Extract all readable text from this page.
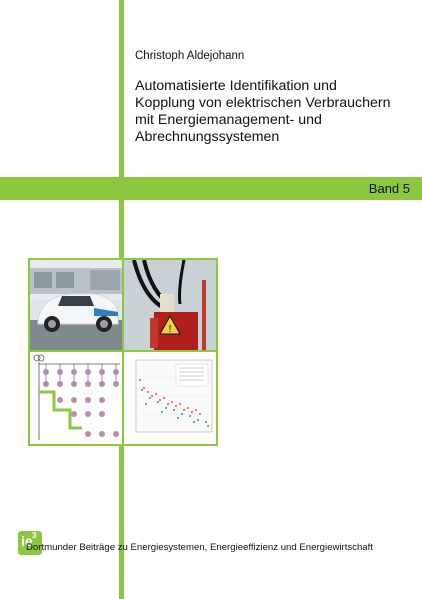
Christoph Aldejohann
Automatisierte Identifikation und
Kopplung von elektrischen Verbrauchern
mit Energiemanagement- und
Abrechnungssystemen
Band 5
!
ie 3
Dortmunder Beiträge zu Energiesystemen, Energieeffizienz und Energiewirtschaft
